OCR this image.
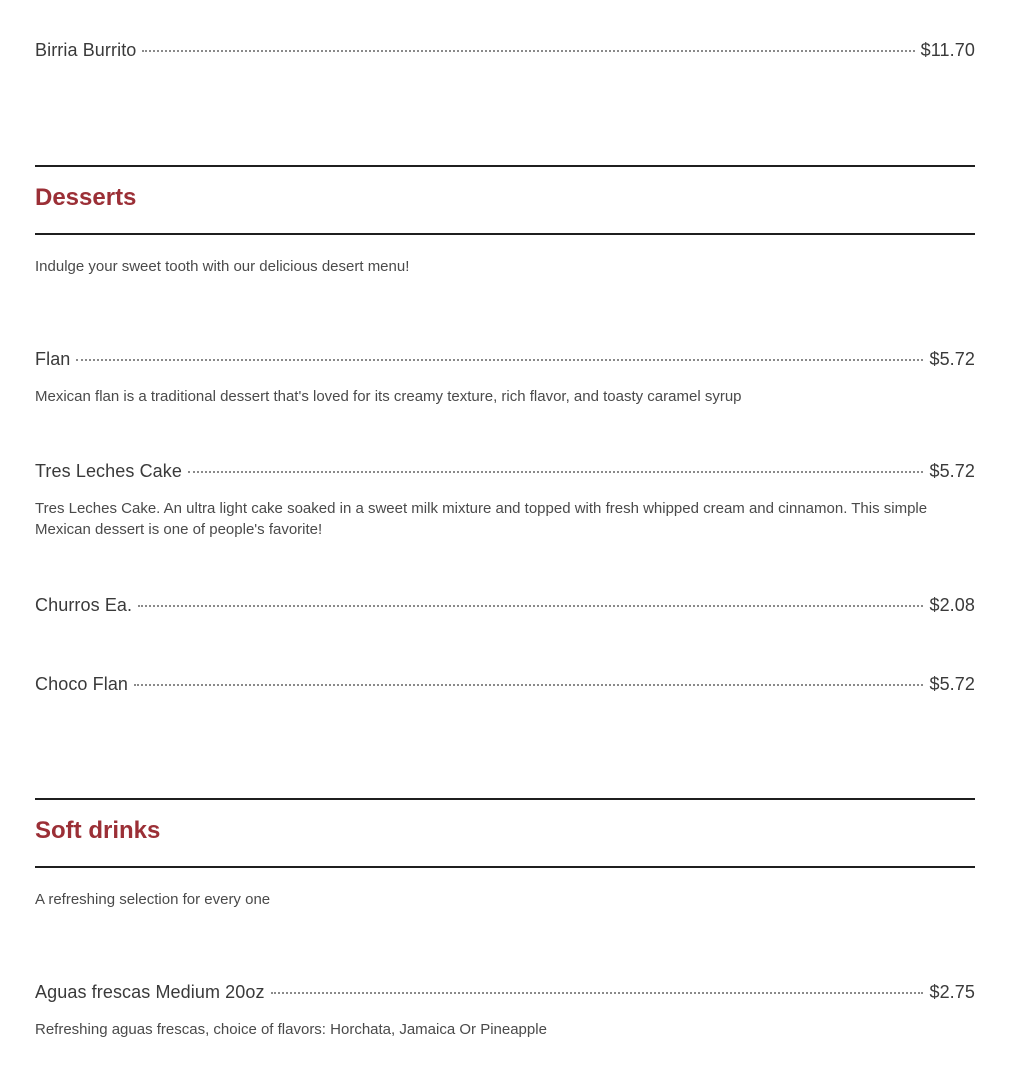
Birria Burrito	$11.70
Desserts
Indulge your sweet tooth with our delicious desert menu!
Flan	$5.72
Mexican flan is a traditional dessert that's loved for its creamy texture, rich flavor, and toasty caramel syrup
Tres Leches Cake	$5.72
Tres Leches Cake. An ultra light cake soaked in a sweet milk mixture and topped with fresh whipped cream and cinnamon. This simple Mexican dessert is one of people's favorite!
Churros Ea.	$2.08
Choco Flan	$5.72
Soft drinks
A refreshing selection for every one
Aguas frescas Medium 20oz	$2.75
Refreshing aguas frescas, choice of flavors: Horchata, Jamaica Or Pineapple
